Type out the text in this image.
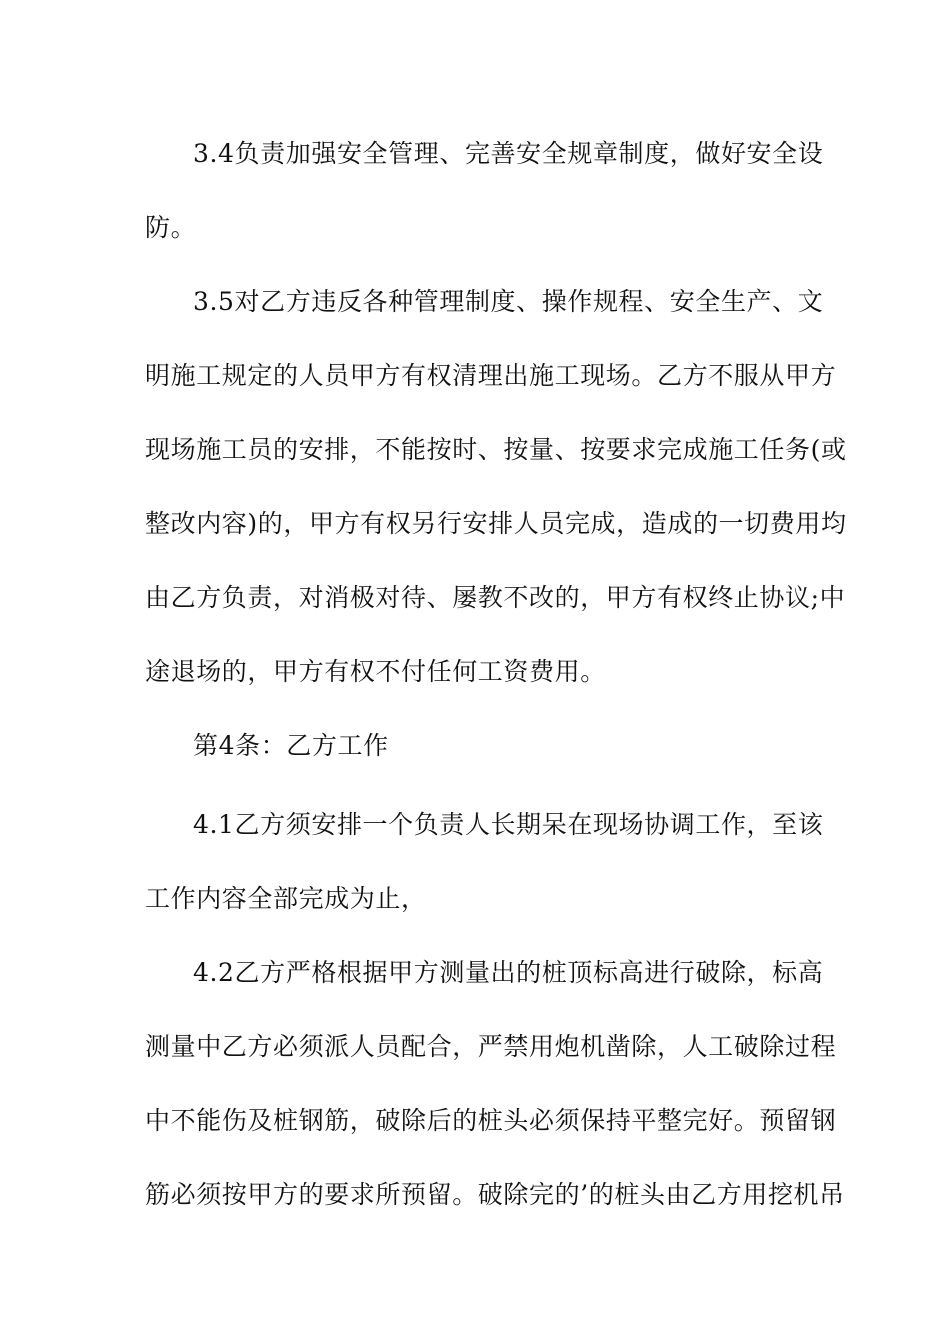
3.4负责加强安全管理、完善安全规章制度，做好安全设
防。
3.5对乙方违反各种管理制度、操作规程、安全生产、文
明施工规定的人员甲方有权清理出施工现场。乙方不服从甲方
现场施工员的安排，不能按时、按量、按要求完成施工任务(或
整改内容)的，甲方有权另行安排人员完成，造成的一切费用均
由乙方负责，对消极对待、屡教不改的，甲方有权终止协议;中
途退场的，甲方有权不付任何工资费用。
第4条：乙方工作
4.1乙方须安排一个负责人长期呆在现场协调工作，至该
工作内容全部完成为止，
4.2乙方严格根据甲方测量出的桩顶标高进行破除，标高
测量中乙方必须派人员配合，严禁用炮机凿除，人工破除过程
中不能伤及桩钢筋，破除后的桩头必须保持平整完好。预留钢
筋必须按甲方的要求所预留。破除完的’的桩头由乙方用挖机吊
